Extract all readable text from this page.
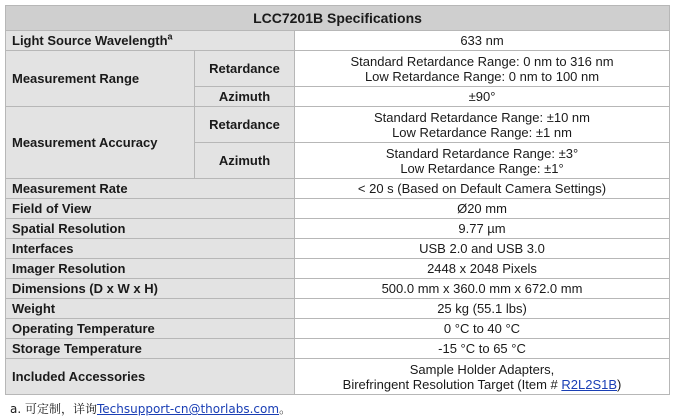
LCC7201B Specifications		
Light Source Wavelength$^a$		633 nm
Measurement Range	Retardance	Standard Retardance Range: 0 nm to 316 nm
Low Retardance Range: 0 nm to 100 nm

	Azimuth	±90°
Measurement Accuracy	Retardance	Standard Retardance Range: ±10 nm
Low Retardance Range: ±1 nm

	Azimuth	Standard Retardance Range: ±3°
Low Retardance Range: ±1°

Measurement Rate		< 20 s (Based on Default Camera Settings)
Field of View		Ø20 mm
Spatial Resolution		9.77 µm
Interfaces		USB 2.0 and USB 3.0
Imager Resolution		2448 x 2048 Pixels
Dimensions (D x W x H)		500.0 mm x 360.0 mm x 672.0 mm
Weight		25 kg (55.1 lbs)
Operating Temperature		0 °C to 40 °C
Storage Temperature		-15 °C to 65 °C
Included Accessories		Sample Holder Adapters,
Birefringent Resolution Target (Item # R2L2S1B)
a. 可定制，详询Techsupport-cn@thorlabs.com。
